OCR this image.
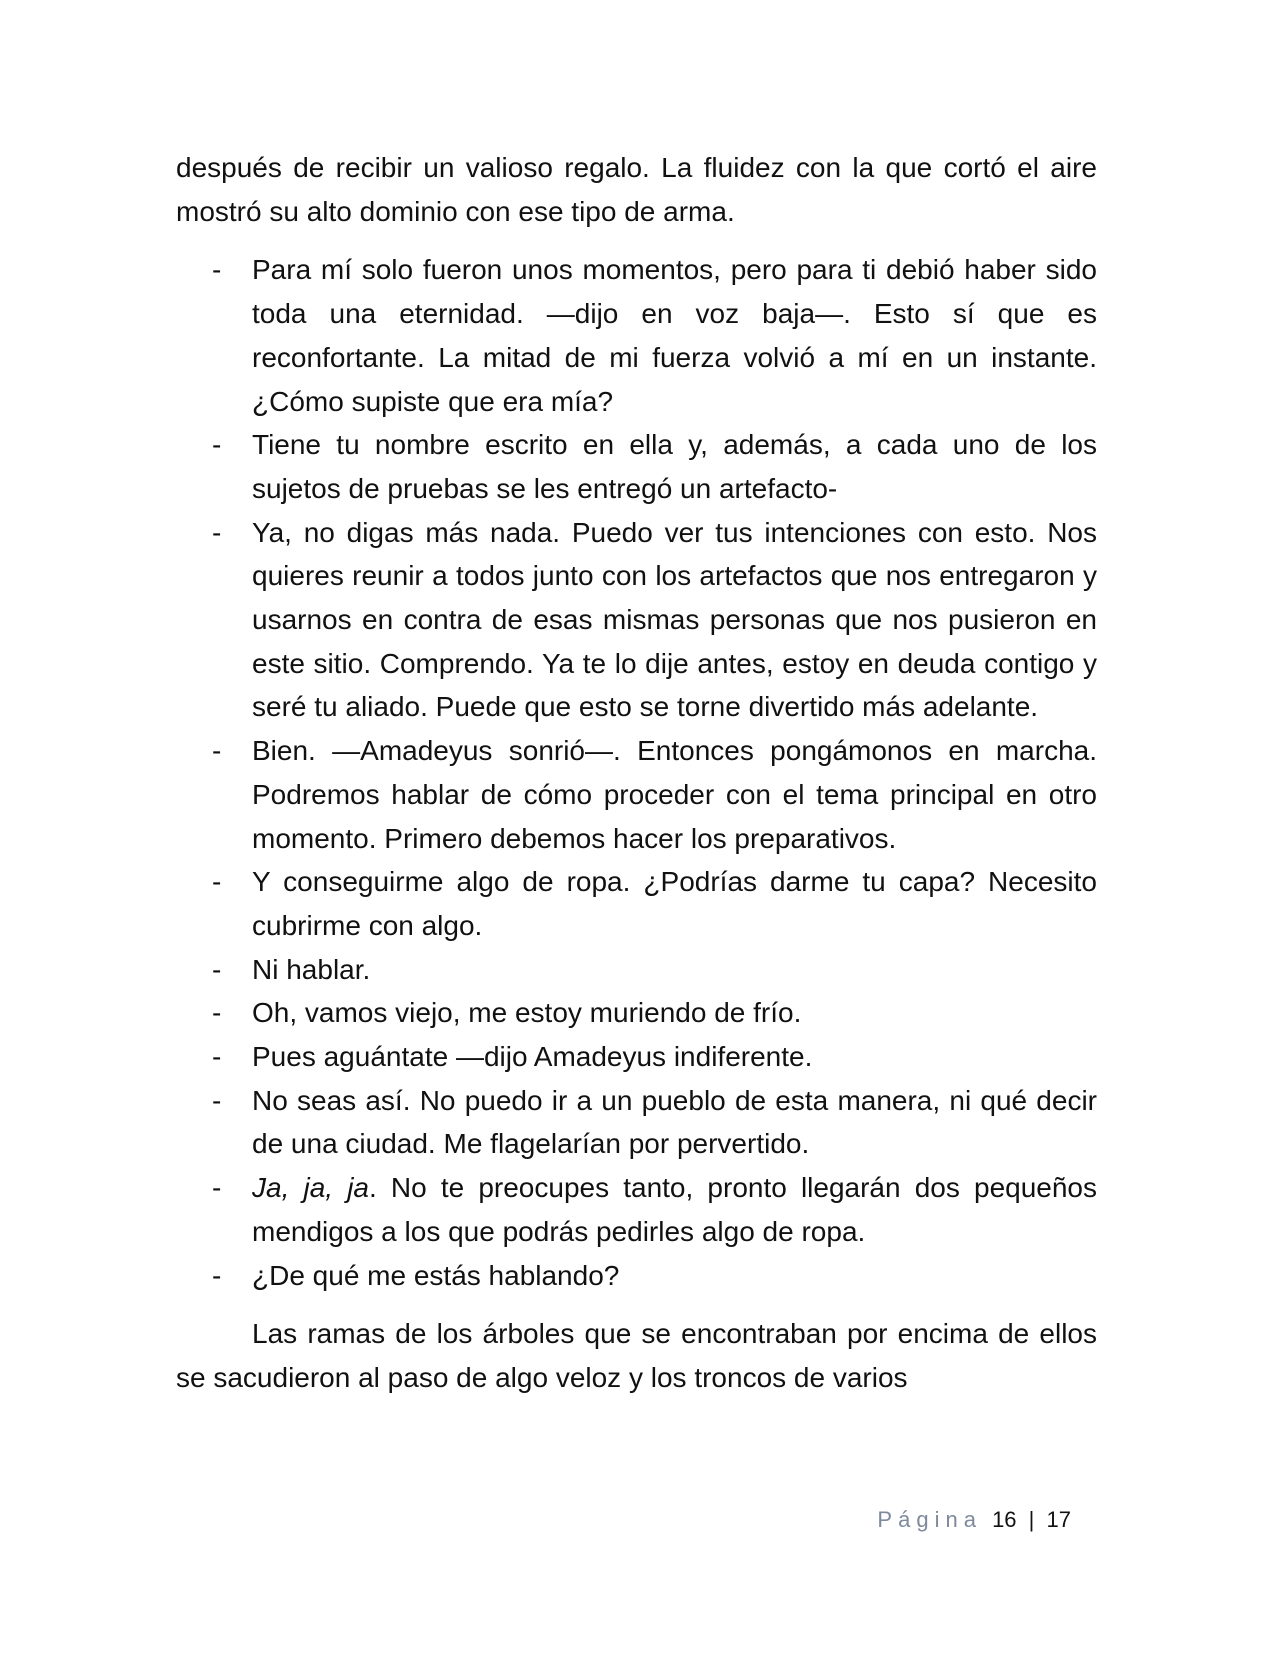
después de recibir un valioso regalo. La fluidez con la que cortó el aire mostró su alto dominio con ese tipo de arma.

- Para mí solo fueron unos momentos, pero para ti debió haber sido toda una eternidad. —dijo en voz baja—. Esto sí que es reconfortante. La mitad de mi fuerza volvió a mí en un instante. ¿Cómo supiste que era mía?
- Tiene tu nombre escrito en ella y, además, a cada uno de los sujetos de pruebas se les entregó un artefacto-
- Ya, no digas más nada. Puedo ver tus intenciones con esto. Nos quieres reunir a todos junto con los artefactos que nos entregaron y usarnos en contra de esas mismas personas que nos pusieron en este sitio. Comprendo. Ya te lo dije antes, estoy en deuda contigo y seré tu aliado. Puede que esto se torne divertido más adelante.
- Bien. —Amadeyus sonrió—. Entonces pongámonos en marcha. Podremos hablar de cómo proceder con el tema principal en otro momento. Primero debemos hacer los preparativos.
- Y conseguirme algo de ropa. ¿Podrías darme tu capa? Necesito cubrirme con algo.
- Ni hablar.
- Oh, vamos viejo, me estoy muriendo de frío.
- Pues aguántate —dijo Amadeyus indiferente.
- No seas así. No puedo ir a un pueblo de esta manera, ni qué decir de una ciudad. Me flagelarían por pervertido.
- Ja, ja, ja. No te preocupes tanto, pronto llegarán dos pequeños mendigos a los que podrás pedirles algo de ropa.
- ¿De qué me estás hablando?

Las ramas de los árboles que se encontraban por encima de ellos se sacudieron al paso de algo veloz y los troncos de varios

Página 16 | 17
